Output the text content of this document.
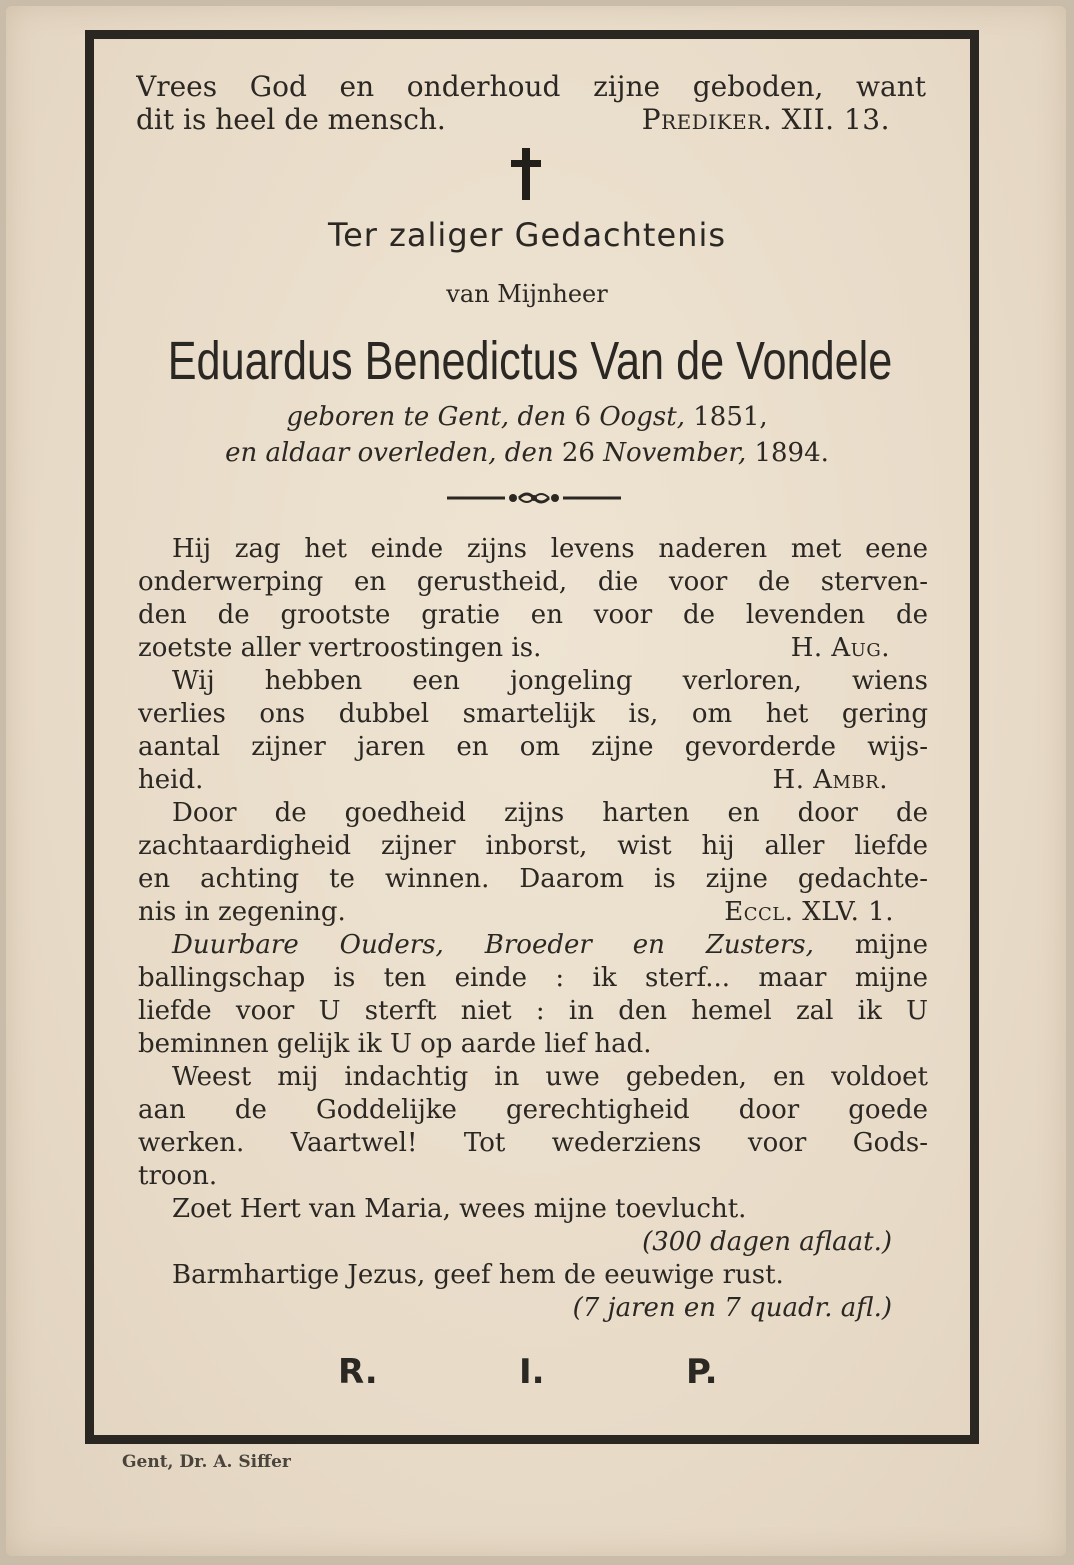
Vrees God en onderhoud zijne geboden, want
dit is heel de mensch.	Prediker. XII. 13.
Ter zaliger Gedachtenis
van Mijnheer
Eduardus Benedictus Van de Vondele
geboren te Gent, den 6 Oogst, 1851,
en aldaar overleden, den 26 November, 1894.
Hij zag het einde zijns levens naderen met eene
onderwerping en gerustheid, die voor de sterven-
den de grootste gratie en voor de levenden de
zoetste aller vertroostingen is.	H. Aug.
Wij hebben een jongeling verloren, wiens
verlies ons dubbel smartelijk is, om het gering
aantal zijner jaren en om zijne gevorderde wijs-
heid.	H. Ambr.
Door de goedheid zijns harten en door de
zachtaardigheid zijner inborst, wist hij aller liefde
en achting te winnen. Daarom is zijne gedachte-
nis in zegening.	Eccl. XLV. 1.
Duurbare Ouders, Broeder en Zusters, mijne
ballingschap is ten einde : ik sterf... maar mijne
liefde voor U sterft niet : in den hemel zal ik U
beminnen gelijk ik U op aarde lief had.
Weest mij indachtig in uwe gebeden, en voldoet
aan de Goddelijke gerechtigheid door goede
werken. Vaartwel! Tot wederziens voor Gods-
troon.
Zoet Hert van Maria, wees mijne toevlucht.
(300 dagen aflaat.)
Barmhartige Jezus, geef hem de eeuwige rust.
(7 jaren en 7 quadr. afl.)
R.	I.	P.
Gent, Dr. A. Siffer
